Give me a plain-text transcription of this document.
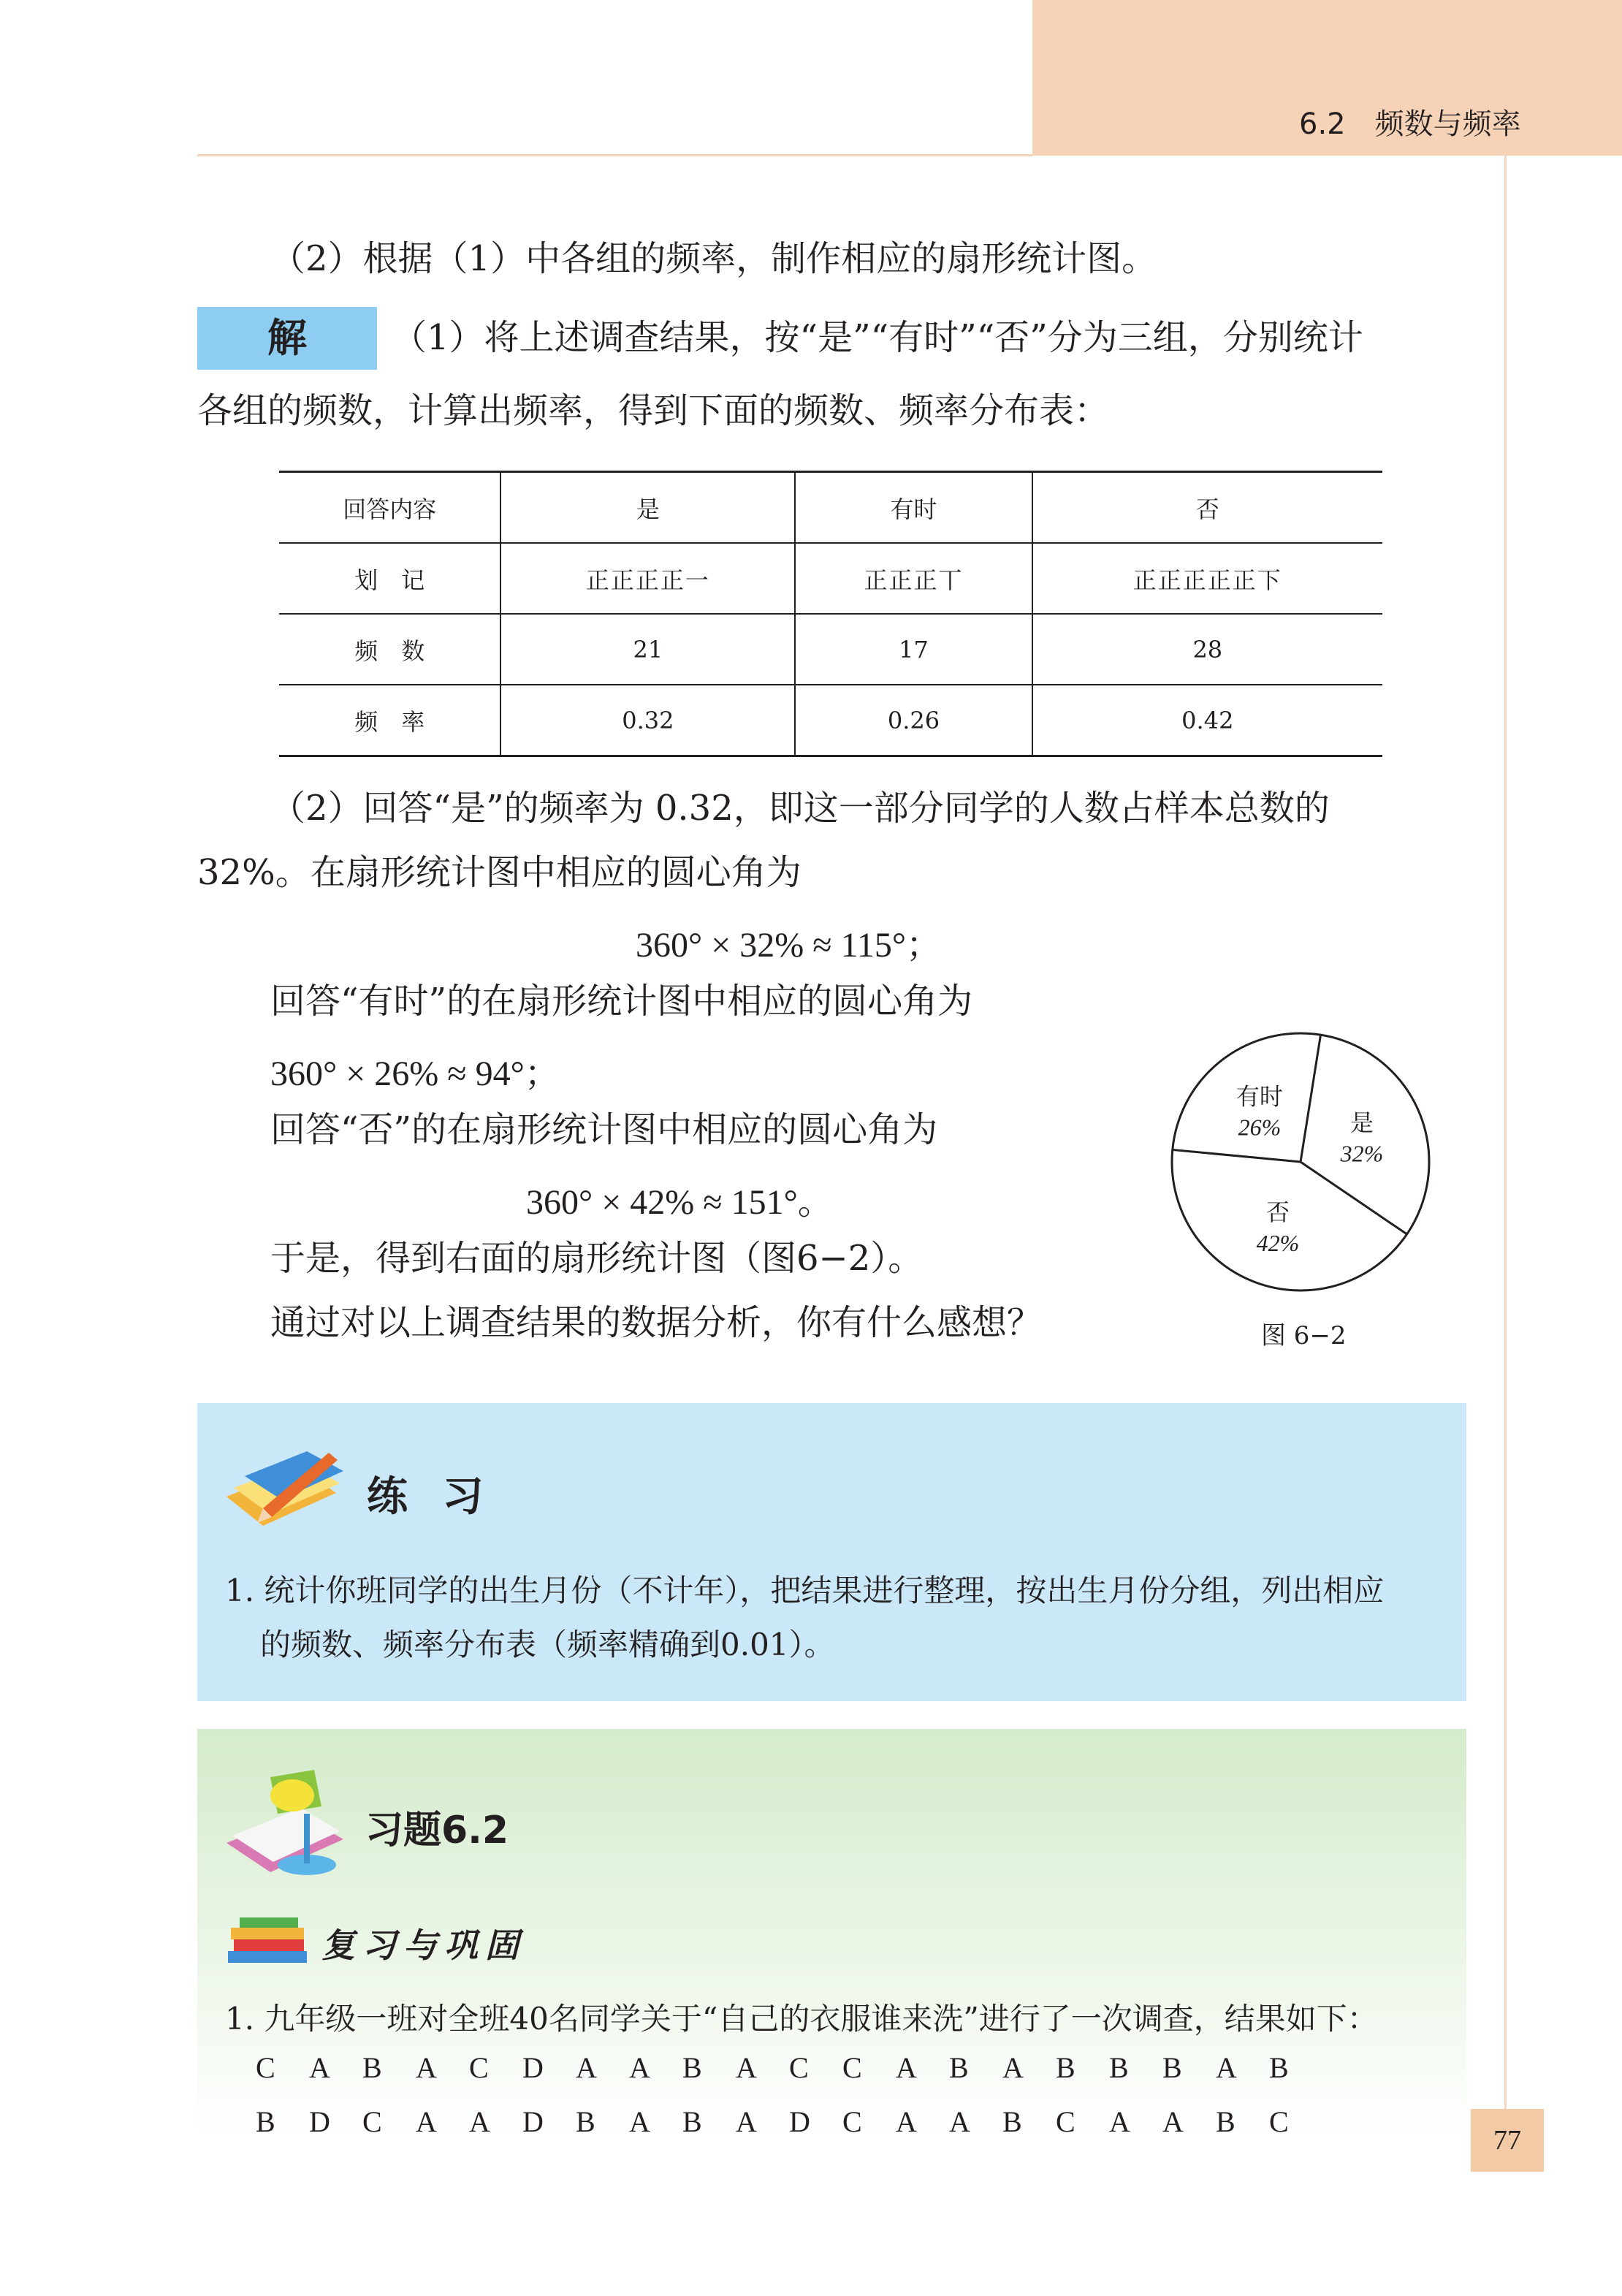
6.2　频数与频率
（2）根据（1）中各组的频率，制作相应的扇形统计图。
解	（1）将上述调查结果，按“是”“有时”“否”分为三组，分别统计
各组的频数，计算出频率，得到下面的频数、频率分布表：
回答内容	是	有时	否
划　记	正正正正一	正正正丅	正正正正正下
频　数	21	17	28
频　率	0.32	0.26	0.42
（2）回答“是”的频率为 0.32，即这一部分同学的人数占样本总数的
32%。在扇形统计图中相应的圆心角为
360° × 32% ≈ 115°；
回答“有时”的在扇形统计图中相应的圆心角为
360° × 26% ≈ 94°；
回答“否”的在扇形统计图中相应的圆心角为
360° × 42% ≈ 151°。
于是，得到右面的扇形统计图（图6−2）。
通过对以上调查结果的数据分析，你有什么感想？
是
32%
否
42%
有时
26%
图 6−2
练 习
1. 统计你班同学的出生月份（不计年），把结果进行整理，按出生月份分组，列出相应
的频数、频率分布表（频率精确到0.01）。
习题6.2
复习与巩固
1. 九年级一班对全班40名同学关于“自己的衣服谁来洗”进行了一次调查，结果如下：
C	A	B	A	C	D	A	A	B	A	C	C	A	B	A	B	B	B	A	B
B	D	C	A	A	D	B	A	B	A	D	C	A	A	B	C	A	A	B	C
77
